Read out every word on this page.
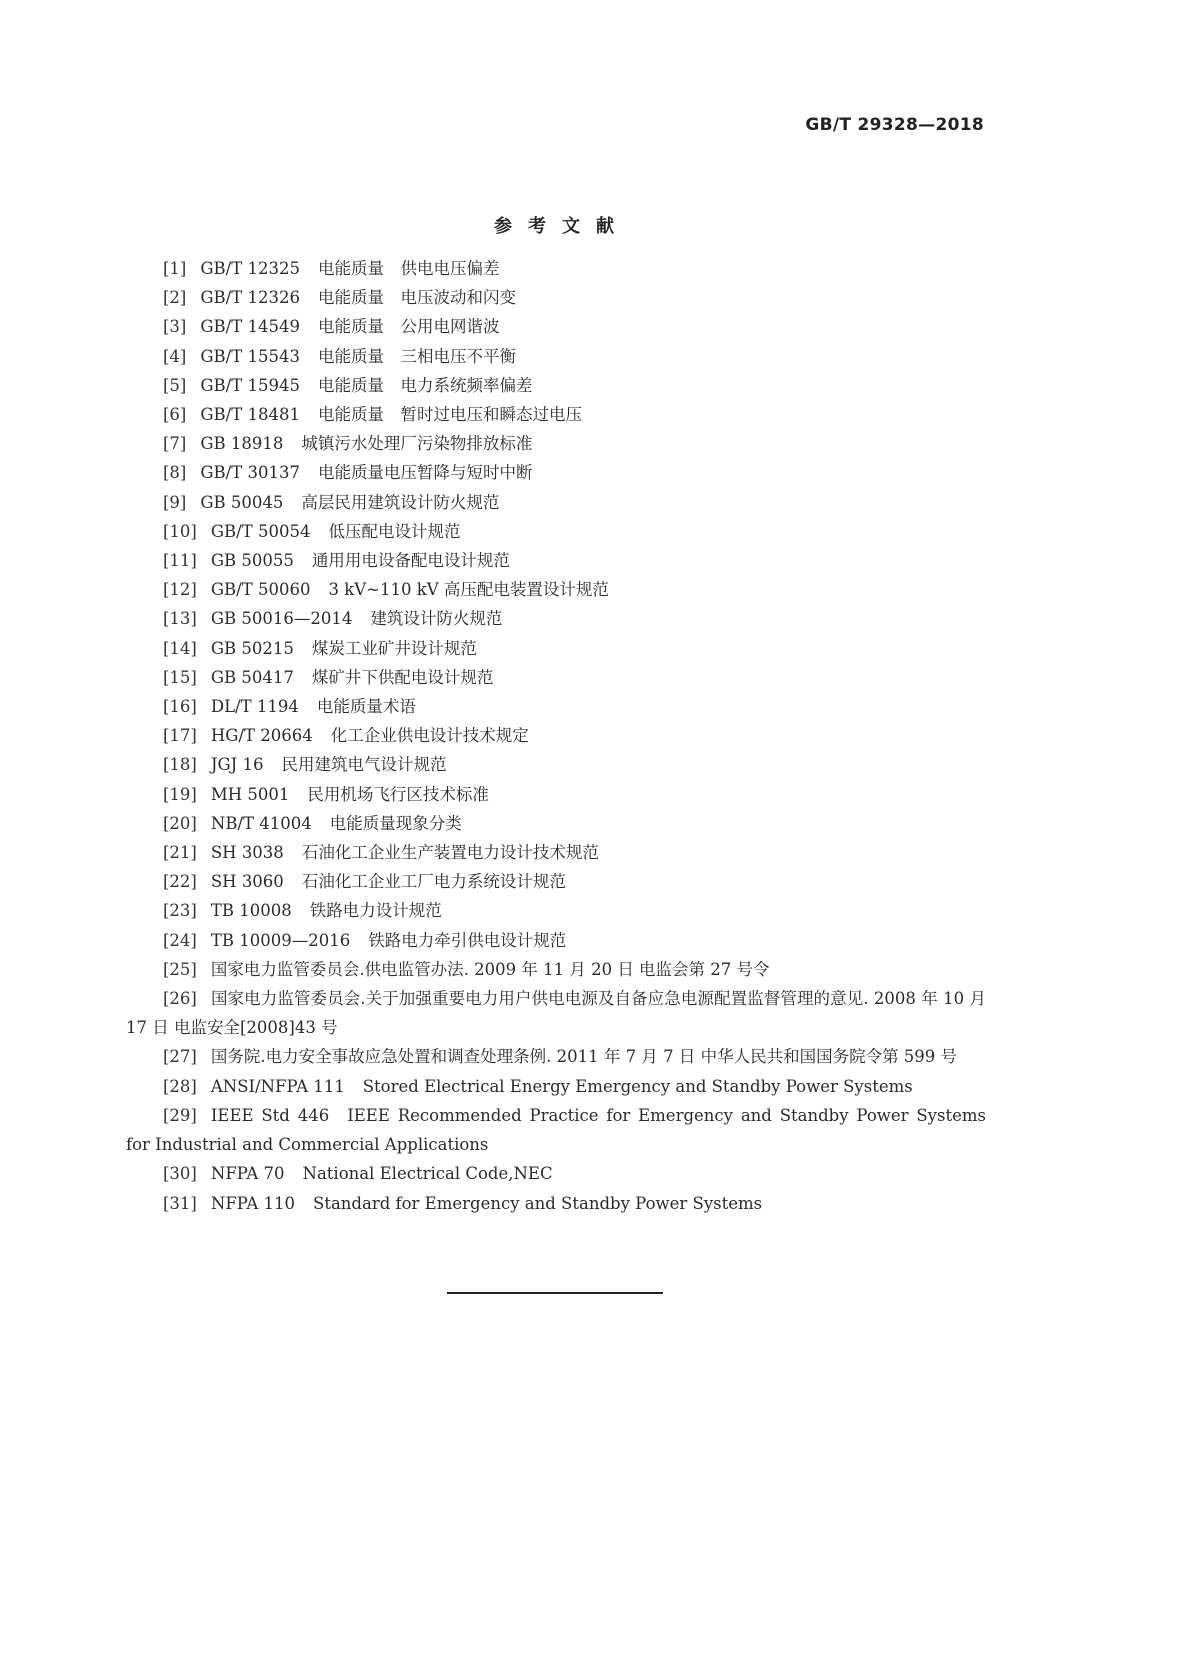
GB/T 29328—2018
参考文献

[1] GB/T 12325 电能质量　供电电压偏差

[2] GB/T 12326 电能质量　电压波动和闪变

[3] GB/T 14549 电能质量　公用电网谐波

[4] GB/T 15543 电能质量　三相电压不平衡

[5] GB/T 15945 电能质量　电力系统频率偏差

[6] GB/T 18481 电能质量　暂时过电压和瞬态过电压

[7] GB 18918 城镇污水处理厂污染物排放标准

[8] GB/T 30137 电能质量电压暂降与短时中断

[9] GB 50045 高层民用建筑设计防火规范

[10] GB/T 50054 低压配电设计规范

[11] GB 50055 通用用电设备配电设计规范

[12] GB/T 50060 3 kV~110 kV 高压配电装置设计规范

[13] GB 50016—2014 建筑设计防火规范

[14] GB 50215 煤炭工业矿井设计规范

[15] GB 50417 煤矿井下供配电设计规范

[16] DL/T 1194 电能质量术语

[17] HG/T 20664 化工企业供电设计技术规定

[18] JGJ 16 民用建筑电气设计规范

[19] MH 5001 民用机场飞行区技术标准

[20] NB/T 41004 电能质量现象分类

[21] SH 3038 石油化工企业生产装置电力设计技术规范

[22] SH 3060 石油化工企业工厂电力系统设计规范

[23] TB 10008 铁路电力设计规范

[24] TB 10009—2016 铁路电力牵引供电设计规范

[25] 国家电力监管委员会.供电监管办法. 2009 年 11 月 20 日 电监会第 27 号令

[26] 国家电力监管委员会.关于加强重要电力用户供电电源及自备应急电源配置监督管理的意见. 2008 年 10 月 17 日 电监安全[2008]43 号

[27] 国务院.电力安全事故应急处置和调查处理条例. 2011 年 7 月 7 日 中华人民共和国国务院令第 599 号

[28] ANSI/NFPA 111 Stored Electrical Energy Emergency and Standby Power Systems

[29] IEEE Std 446 IEEE Recommended Practice for Emergency and Standby Power Systems for Industrial and Commercial Applications

[30] NFPA 70 National Electrical Code,NEC

[31] NFPA 110 Standard for Emergency and Standby Power Systems
